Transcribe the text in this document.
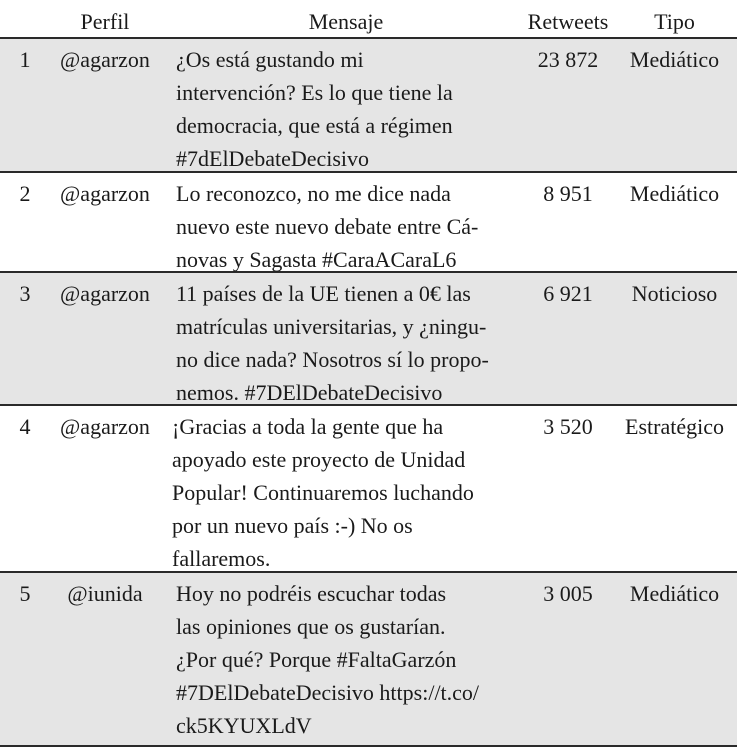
Perfil	Mensaje	Retweets	Tipo
1	@agarzon	¿Os está gustando mi
intervención? Es lo que tiene la
democracia, que está a régimen
#7dElDebateDecisivo
23 872	Mediático
2	@agarzon	Lo reconozco, no me dice nada
nuevo este nuevo debate entre Cá-
novas y Sagasta #CaraACaraL6
8 951	Mediático
3	@agarzon	11 países de la UE tienen a 0€ las
matrículas universitarias, y ¿ningu-
no dice nada? Nosotros sí lo propo-
nemos. #7DElDebateDecisivo
6 921	Noticioso
4	@agarzon	¡Gracias a toda la gente que ha
apoyado este proyecto de Unidad
Popular! Continuaremos luchando
por un nuevo país :-) No os
fallaremos.
3 520	Estratégico
5	@iunida	Hoy no podréis escuchar todas
las opiniones que os gustarían.
¿Por qué? Porque #FaltaGarzón
#7DElDebateDecisivo https://t.co/
ck5KYUXLdV
3 005	Mediático
